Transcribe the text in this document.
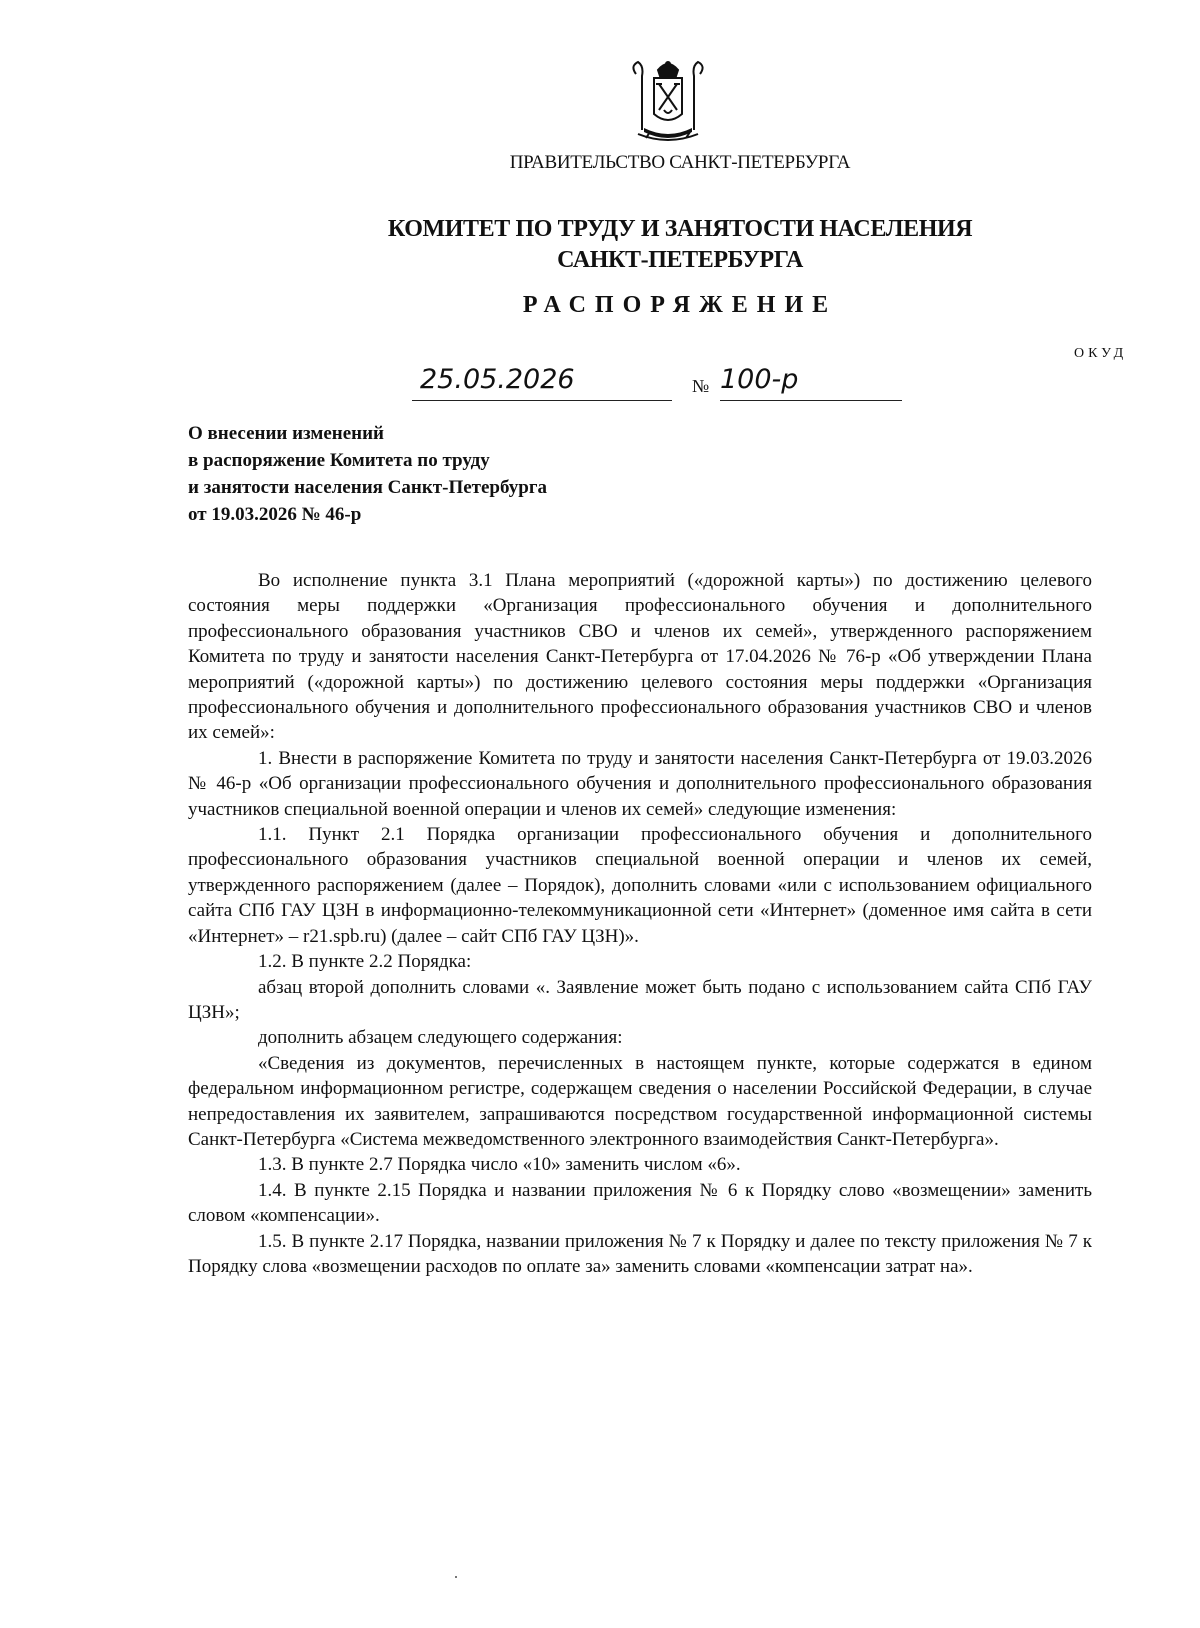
ПРАВИТЕЛЬСТВО САНКТ-ПЕТЕРБУРГА
КОМИТЕТ ПО ТРУДУ И ЗАНЯТОСТИ НАСЕЛЕНИЯ
САНКТ-ПЕТЕРБУРГА
РАСПОРЯЖЕНИЕ
ОКУД
25.05.2026	№ 100-р
О внесении изменений
в распоряжение Комитета по труду
и занятости населения Санкт-Петербурга
от 19.03.2026 № 46-р

Во исполнение пункта 3.1 Плана мероприятий («дорожной карты») по достижению целевого состояния меры поддержки «Организация профессионального обучения и дополнительного профессионального образования участников СВО и членов их семей», утвержденного распоряжением Комитета по труду и занятости населения Санкт-Петербурга от 17.04.2026 № 76-р «Об утверждении Плана мероприятий («дорожной карты») по достижению целевого состояния меры поддержки «Организация профессионального обучения и дополнительного профессионального образования участников СВО и членов их семей»:

1. Внести в распоряжение Комитета по труду и занятости населения Санкт-Петербурга от 19.03.2026 № 46-р «Об организации профессионального обучения и дополнительного профессионального образования участников специальной военной операции и членов их семей» следующие изменения:

1.1. Пункт 2.1 Порядка организации профессионального обучения и дополнительного профессионального образования участников специальной военной операции и членов их семей, утвержденного распоряжением (далее – Порядок), дополнить словами «или с использованием официального сайта СПб ГАУ ЦЗН в информационно-телекоммуникационной сети «Интернет» (доменное имя сайта в сети «Интернет» – r21.spb.ru) (далее – сайт СПб ГАУ ЦЗН)».

1.2. В пункте 2.2 Порядка:

абзац второй дополнить словами «. Заявление может быть подано с использованием сайта СПб ГАУ ЦЗН»;

дополнить абзацем следующего содержания:

«Сведения из документов, перечисленных в настоящем пункте, которые содержатся в едином федеральном информационном регистре, содержащем сведения о населении Российской Федерации, в случае непредоставления их заявителем, запрашиваются посредством государственной информационной системы Санкт-Петербурга «Система межведомственного электронного взаимодействия Санкт-Петербурга».

1.3. В пункте 2.7 Порядка число «10» заменить числом «6».

1.4. В пункте 2.15 Порядка и названии приложения № 6 к Порядку слово «возмещении» заменить словом «компенсации».

1.5. В пункте 2.17 Порядка, названии приложения № 7 к Порядку и далее по тексту приложения № 7 к Порядку слова «возмещении расходов по оплате за» заменить словами «компенсации затрат на».
